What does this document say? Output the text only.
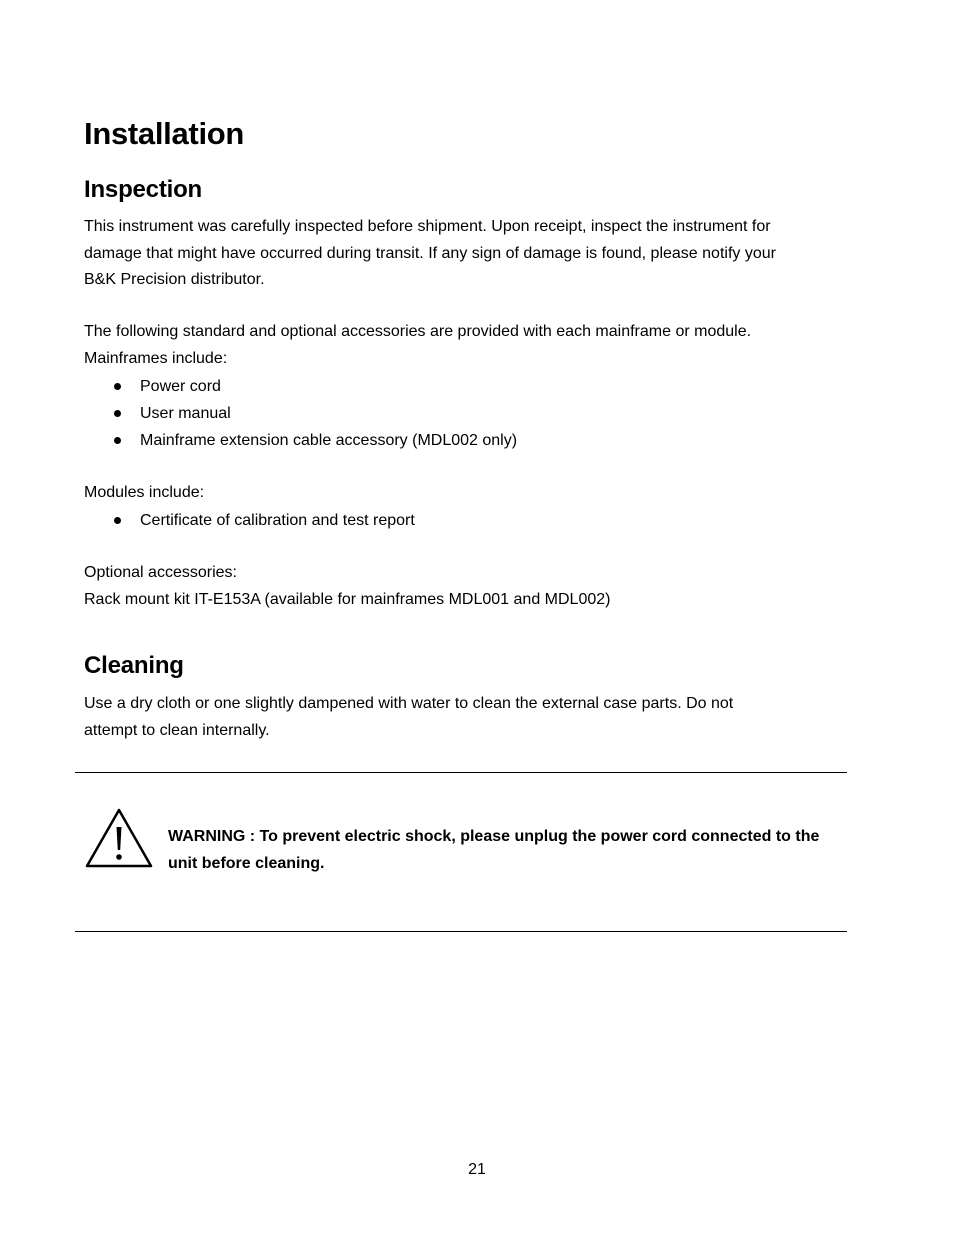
Installation
Inspection
This instrument was carefully inspected before shipment. Upon receipt, inspect the instrument for
damage that might have occurred during transit. If any sign of damage is found, please notify your
B&K Precision distributor.
The following standard and optional accessories are provided with each mainframe or module.
Mainframes include:
Power cord
User manual
Mainframe extension cable accessory (MDL002 only)
Modules include:
Certificate of calibration and test report
Optional accessories:
Rack mount kit IT-E153A (available for mainframes MDL001 and MDL002)
Cleaning
Use a dry cloth or one slightly dampened with water to clean the external case parts. Do not
attempt to clean internally.
WARNING : To prevent electric shock, please unplug the power cord connected to the
unit before cleaning.
21
